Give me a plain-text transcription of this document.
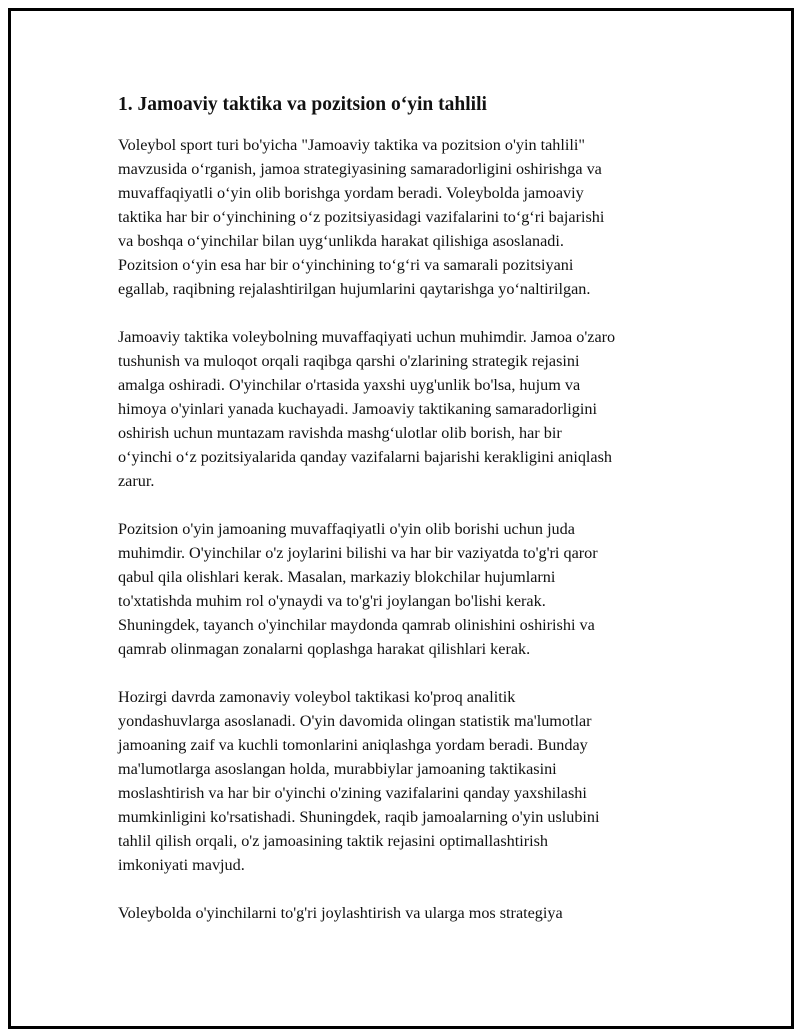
1. Jamoaviy taktika va pozitsion o‘yin tahlili

Voleybol sport turi bo'yicha "Jamoaviy taktika va pozitsion o'yin tahlili"
mavzusida o‘rganish, jamoa strategiyasining samaradorligini oshirishga va
muvaffaqiyatli o‘yin olib borishga yordam beradi. Voleybolda jamoaviy
taktika har bir o‘yinchining o‘z pozitsiyasidagi vazifalarini to‘g‘ri bajarishi
va boshqa o‘yinchilar bilan uyg‘unlikda harakat qilishiga asoslanadi.
Pozitsion o‘yin esa har bir o‘yinchining to‘g‘ri va samarali pozitsiyani
egallab, raqibning rejalashtirilgan hujumlarini qaytarishga yo‘naltirilgan.

Jamoaviy taktika voleybolning muvaffaqiyati uchun muhimdir. Jamoa o'zaro
tushunish va muloqot orqali raqibga qarshi o'zlarining strategik rejasini
amalga oshiradi. O'yinchilar o'rtasida yaxshi uyg'unlik bo'lsa, hujum va
himoya o'yinlari yanada kuchayadi. Jamoaviy taktikaning samaradorligini
oshirish uchun muntazam ravishda mashg‘ulotlar olib borish, har bir
o‘yinchi o‘z pozitsiyalarida qanday vazifalarni bajarishi kerakligini aniqlash
zarur.

Pozitsion o'yin jamoaning muvaffaqiyatli o'yin olib borishi uchun juda
muhimdir. O'yinchilar o'z joylarini bilishi va har bir vaziyatda to'g'ri qaror
qabul qila olishlari kerak. Masalan, markaziy blokchilar hujumlarni
to'xtatishda muhim rol o'ynaydi va to'g'ri joylangan bo'lishi kerak.
Shuningdek, tayanch o'yinchilar maydonda qamrab olinishini oshirishi va
qamrab olinmagan zonalarni qoplashga harakat qilishlari kerak.

Hozirgi davrda zamonaviy voleybol taktikasi ko'proq analitik
yondashuvlarga asoslanadi. O'yin davomida olingan statistik ma'lumotlar
jamoaning zaif va kuchli tomonlarini aniqlashga yordam beradi. Bunday
ma'lumotlarga asoslangan holda, murabbiylar jamoaning taktikasini
moslashtirish va har bir o'yinchi o'zining vazifalarini qanday yaxshilashi
mumkinligini ko'rsatishadi. Shuningdek, raqib jamoalarning o'yin uslubini
tahlil qilish orqali, o'z jamoasining taktik rejasini optimallashtirish
imkoniyati mavjud.

Voleybolda o'yinchilarni to'g'ri joylashtirish va ularga mos strategiya
